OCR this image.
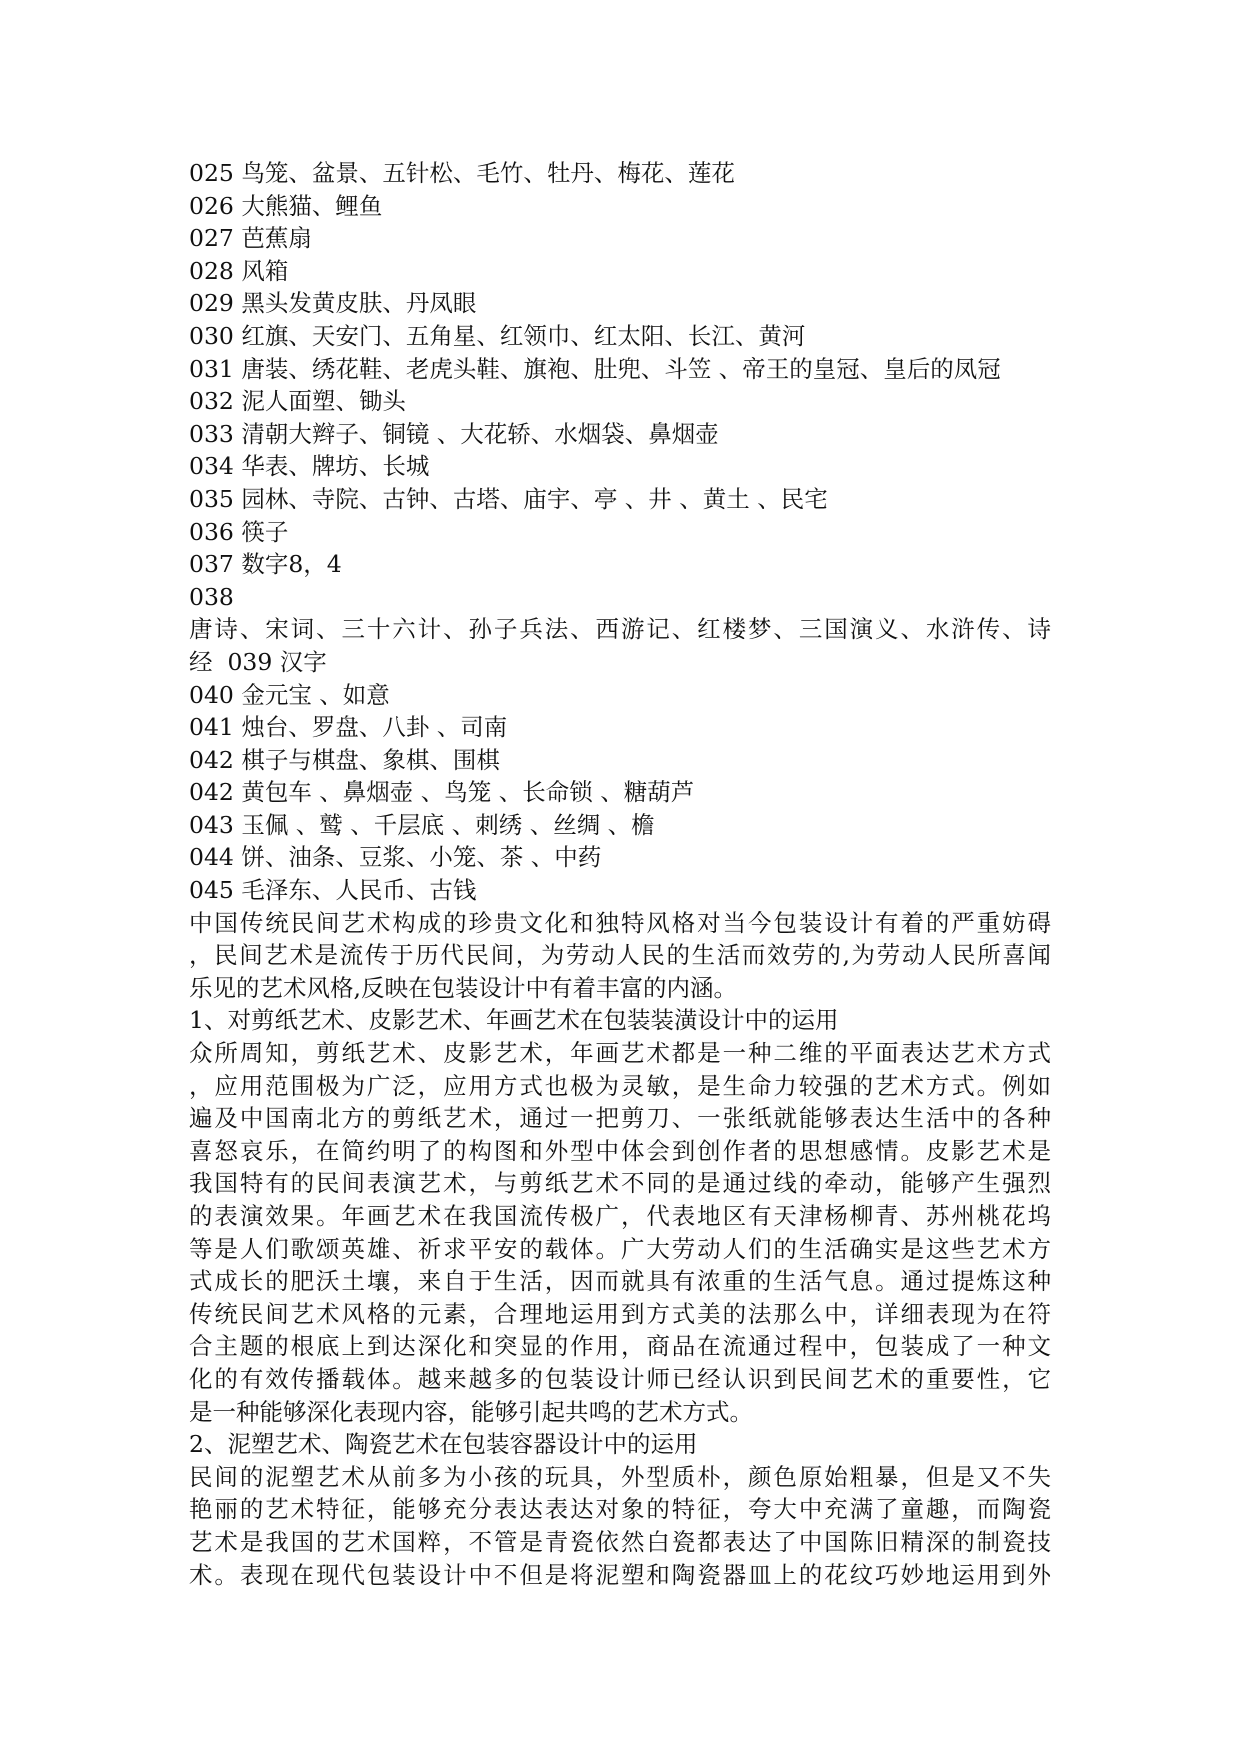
025 鸟笼、盆景、五针松、毛竹、牡丹、梅花、莲花
026 大熊猫、鲤鱼
027 芭蕉扇
028 风箱
029 黑头发黄皮肤、丹凤眼
030 红旗、天安门、五角星、红领巾、红太阳、长江、黄河
031 唐装、绣花鞋、老虎头鞋、旗袍、肚兜、斗笠 、帝王的皇冠、皇后的凤冠
032 泥人面塑、锄头
033 清朝大辫子、铜镜 、大花轿、水烟袋、鼻烟壶
034 华表、牌坊、长城
035 园林、寺院、古钟、古塔、庙宇、亭 、井 、黄土 、民宅
036 筷子
037 数字8，4
038
唐诗、宋词、三十六计、孙子兵法、西游记、红楼梦、三国演义、水浒传、诗
经  039 汉字
040 金元宝 、如意
041 烛台、罗盘、八卦 、司南
042 棋子与棋盘、象棋、围棋
042 黄包车 、鼻烟壶 、鸟笼 、长命锁 、糖葫芦
043 玉佩 、鹫 、千层底 、刺绣 、丝绸 、檐
044 饼、油条、豆浆、小笼、茶 、中药
045 毛泽东、人民币、古钱
中国传统民间艺术构成的珍贵文化和独特风格对当今包装设计有着的严重妨碍
，民间艺术是流传于历代民间，为劳动人民的生活而效劳的,为劳动人民所喜闻
乐见的艺术风格,反映在包装设计中有着丰富的内涵。
1、对剪纸艺术、皮影艺术、年画艺术在包装装潢设计中的运用
众所周知，剪纸艺术、皮影艺术，年画艺术都是一种二维的平面表达艺术方式
，应用范围极为广泛，应用方式也极为灵敏，是生命力较强的艺术方式。例如
遍及中国南北方的剪纸艺术，通过一把剪刀、一张纸就能够表达生活中的各种
喜怒哀乐，在简约明了的构图和外型中体会到创作者的思想感情。皮影艺术是
我国特有的民间表演艺术，与剪纸艺术不同的是通过线的牵动，能够产生强烈
的表演效果。年画艺术在我国流传极广，代表地区有天津杨柳青、苏州桃花坞
等是人们歌颂英雄、祈求平安的载体。广大劳动人们的生活确实是这些艺术方
式成长的肥沃土壤，来自于生活，因而就具有浓重的生活气息。通过提炼这种
传统民间艺术风格的元素，合理地运用到方式美的法那么中，详细表现为在符
合主题的根底上到达深化和突显的作用，商品在流通过程中，包装成了一种文
化的有效传播载体。越来越多的包装设计师已经认识到民间艺术的重要性，它
是一种能够深化表现内容，能够引起共鸣的艺术方式。
2、泥塑艺术、陶瓷艺术在包装容器设计中的运用
民间的泥塑艺术从前多为小孩的玩具，外型质朴，颜色原始粗暴，但是又不失
艳丽的艺术特征，能够充分表达表达对象的特征，夸大中充满了童趣，而陶瓷
艺术是我国的艺术国粹，不管是青瓷依然白瓷都表达了中国陈旧精深的制瓷技
术。表现在现代包装设计中不但是将泥塑和陶瓷器皿上的花纹巧妙地运用到外
